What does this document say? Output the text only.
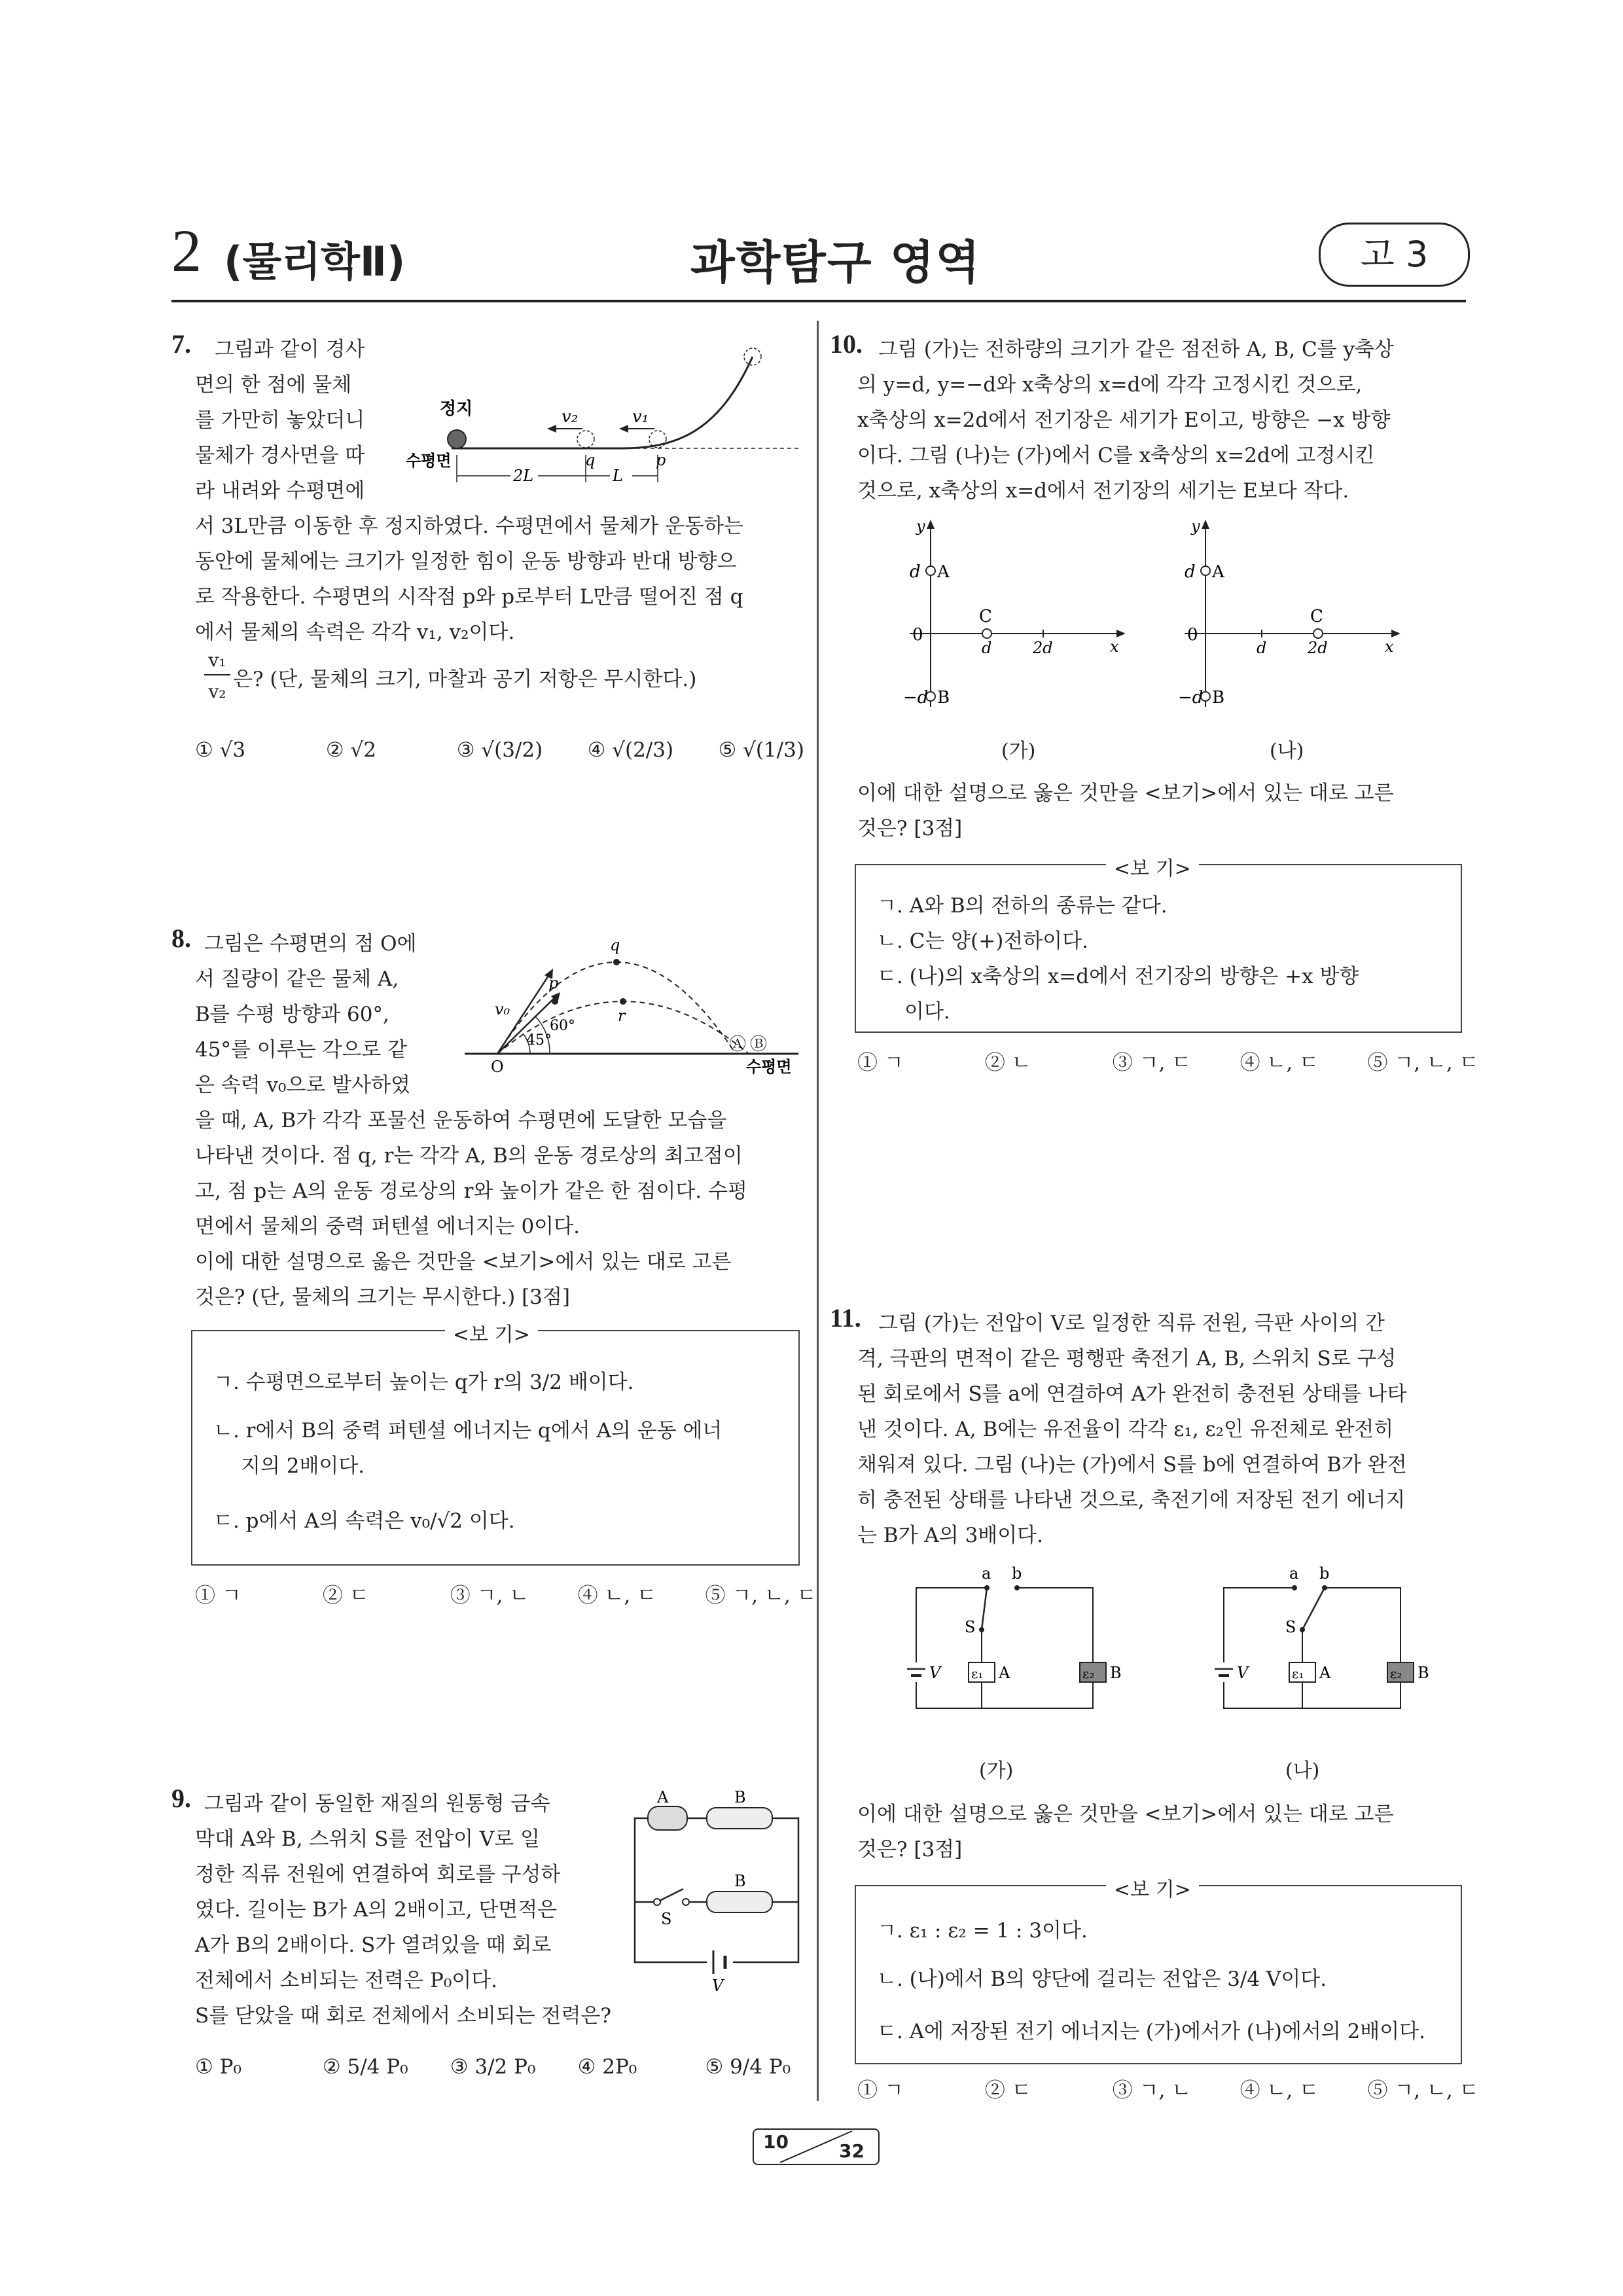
2 (물리학Ⅱ)	과학탐구 영역	고 3
7. 그림과 같이 경사
면의 한 점에 물체
를 가만히 놓았더니
물체가 경사면을 따
라 내려와 수평면에
서 3L만큼 이동한 후 정지하였다. 수평면에서 물체가 운동하는
동안에 물체에는 크기가 일정한 힘이 운동 방향과 반대 방향으
로 작용한다. 수평면의 시작점 p와 p로부터 L만큼 떨어진 점 q
에서 물체의 속력은 각각 v₁, v₂이다.
v₁
v₂
은? (단, 물체의 크기, 마찰과 공기 저항은 무시한다.)
① √3	② √2	③ √(3/2) ④ √(2/3) ⑤ √(1/3)
정지
수평면
v₂	v₁
q	p
2L	L
8. 그림은 수평면의 점 O에
서 질량이 같은 물체 A,
B를 수평 방향과 60°,
45°를 이루는 각으로 같
은 속력 v₀으로 발사하였
을 때, A, B가 각각 포물선 운동하여 수평면에 도달한 모습을
나타낸 것이다. 점 q, r는 각각 A, B의 운동 경로상의 최고점이
고, 점 p는 A의 운동 경로상의 r와 높이가 같은 한 점이다. 수평
면에서 물체의 중력 퍼텐셜 에너지는 0이다.
이에 대한 설명으로 옳은 것만을 <보기>에서 있는 대로 고른
것은? (단, 물체의 크기는 무시한다.) [3점]
<보 기>
ㄱ. 수평면으로부터 높이는 q가 r의 3/2 배이다.
ㄴ. r에서 B의 중력 퍼텐셜 에너지는 q에서 A의 운동 에너
지의 2배이다.
ㄷ. p에서 A의 속력은 v₀/√2 이다.
① ㄱ	② ㄷ	③ ㄱ, ㄴ ④ ㄴ, ㄷ ⑤ ㄱ, ㄴ, ㄷ
q
p
r
v₀
45°
60°
O
Ⓐ Ⓑ
수평면
9. 그림과 같이 동일한 재질의 원통형 금속
막대 A와 B, 스위치 S를 전압이 V로 일
정한 직류 전원에 연결하여 회로를 구성하
였다. 길이는 B가 A의 2배이고, 단면적은
A가 B의 2배이다. S가 열려있을 때 회로
전체에서 소비되는 전력은 P₀이다.
S를 닫았을 때 회로 전체에서 소비되는 전력은?
① P₀	② 5/4 P₀ ③ 3/2 P₀ ④ 2P₀	⑤ 9/4 P₀
A	B
B
S
V
10. 그림 (가)는 전하량의 크기가 같은 점전하 A, B, C를 y축상
의 y=d, y=−d와 x축상의 x=d에 각각 고정시킨 것으로,
x축상의 x=2d에서 전기장은 세기가 E이고, 방향은 −x 방향
이다. 그림 (나)는 (가)에서 C를 x축상의 x=2d에 고정시킨
것으로, x축상의 x=d에서 전기장의 세기는 E보다 작다.
y
x
d A
−d B
0
C
d	2d
y
x
d A
−d B
0
C
d	2d
(가)	(나)
이에 대한 설명으로 옳은 것만을 <보기>에서 있는 대로 고른
것은? [3점]
<보 기>
ㄱ. A와 B의 전하의 종류는 같다.
ㄴ. C는 양(+)전하이다.
ㄷ. (나)의 x축상의 x=d에서 전기장의 방향은 +x 방향
이다.
① ㄱ	② ㄴ	③ ㄱ, ㄷ ④ ㄴ, ㄷ ⑤ ㄱ, ㄴ, ㄷ
11. 그림 (가)는 전압이 V로 일정한 직류 전원, 극판 사이의 간
격, 극판의 면적이 같은 평행판 축전기 A, B, 스위치 S로 구성
된 회로에서 S를 a에 연결하여 A가 완전히 충전된 상태를 나타
낸 것이다. A, B에는 유전율이 각각 ε₁, ε₂인 유전체로 완전히
채워져 있다. 그림 (나)는 (가)에서 S를 b에 연결하여 B가 완전
히 충전된 상태를 나타낸 것으로, 축전기에 저장된 전기 에너지
는 B가 A의 3배이다.
a b
S
V ε₁ A	ε₂ B
a b
S
V	ε₁ A	ε₂ B
(가)	(나)
이에 대한 설명으로 옳은 것만을 <보기>에서 있는 대로 고른
것은? [3점]
<보 기>
ㄱ. ε₁ : ε₂ = 1 : 3이다.
ㄴ. (나)에서 B의 양단에 걸리는 전압은 3/4 V이다.
ㄷ. A에 저장된 전기 에너지는 (가)에서가 (나)에서의 2배이다.
① ㄱ	② ㄷ	③ ㄱ, ㄴ ④ ㄴ, ㄷ ⑤ ㄱ, ㄴ, ㄷ
10	32
